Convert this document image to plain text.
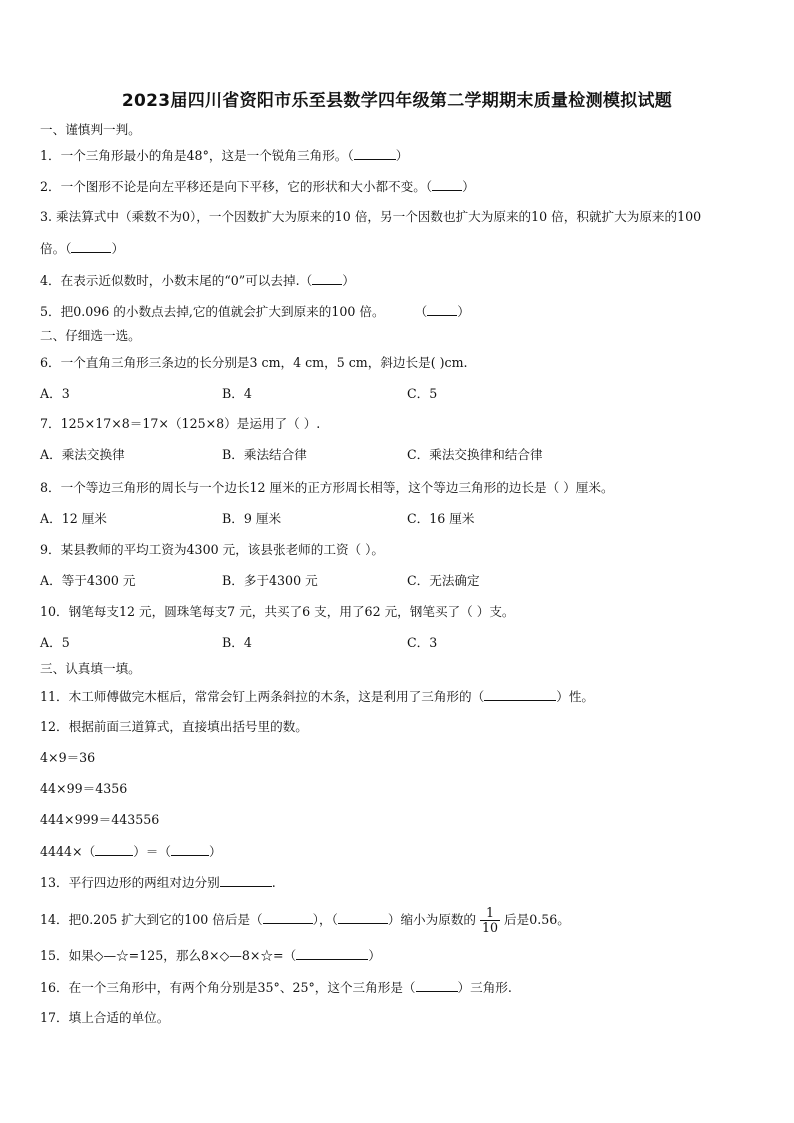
2023届四川省资阳市乐至县数学四年级第二学期期末质量检测模拟试题
一、谨慎判一判。
1．一个三角形最小的角是48°，这是一个锐角三角形。（	）
2．一个图形不论是向左平移还是向下平移，它的形状和大小都不变。（ ）
3. 乘法算式中（乘数不为0），一个因数扩大为原来的10 倍，另一个因数也扩大为原来的10 倍，积就扩大为原来的100
倍。（	）
4．在表示近似数时，小数末尾的“0”可以去掉.（ ）
5．把0.096 的小数点去掉,它的值就会扩大到原来的100 倍。 （ ）
二、仔细选一选。
6．一个直角三角形三条边的长分别是3 cm，4 cm，5 cm，斜边长是( )cm.
A．3	B．4	C．5
7．125×17×8＝17×（125×8）是运用了（ ）.
A．乘法交换律	B．乘法结合律	C．乘法交换律和结合律
8．一个等边三角形的周长与一个边长12 厘米的正方形周长相等，这个等边三角形的边长是（ ）厘米。
A．12 厘米	B．9 厘米	C．16 厘米
9．某县教师的平均工资为4300 元，该县张老师的工资（ ）。
A．等于4300 元	B．多于4300 元	C．无法确定
10．钢笔每支12 元，圆珠笔每支7 元，共买了6 支，用了62 元，钢笔买了（ ）支。
A．5	B．4	C．3
三、认真填一填。
11．木工师傅做完木框后，常常会钉上两条斜拉的木条，这是利用了三角形的（	）性。
12．根据前面三道算式，直接填出括号里的数。
4×9＝36
44×99＝4356
444×999＝443556
4444×（	）＝（	）
13．平行四边形的两组对边分别	.
14．把0.205 扩大到它的100 倍后是（	），（	）缩小为原数的 $\frac{1}{10}$ 后是0.56。
15．如果◇—☆=125，那么8×◇—8×☆=（	）
16．在一个三角形中，有两个角分别是35°、25°，这个三角形是（	）三角形.
17．填上合适的单位。
